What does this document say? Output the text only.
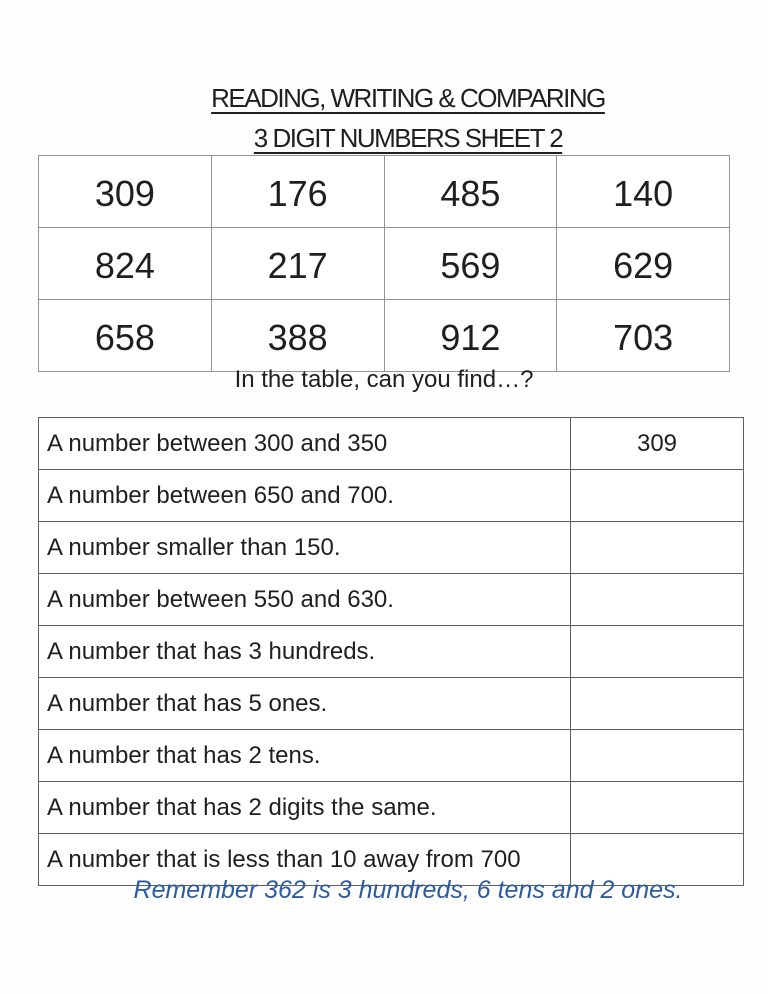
READING, WRITING & COMPARING
3 DIGIT NUMBERS SHEET 2
309	176	485	140
824	217	569	629
658	388	912	703
In the table, can you find…?
A number between 300 and 350	309
A number between 650 and 700.	
A number smaller than 150.	
A number between 550 and 630.	
A number that has 3 hundreds.	
A number that has 5 ones.	
A number that has 2 tens.	
A number that has 2 digits the same.	
A number that is less than 10 away from 700	
Remember 362 is 3 hundreds, 6 tens and 2 ones.
